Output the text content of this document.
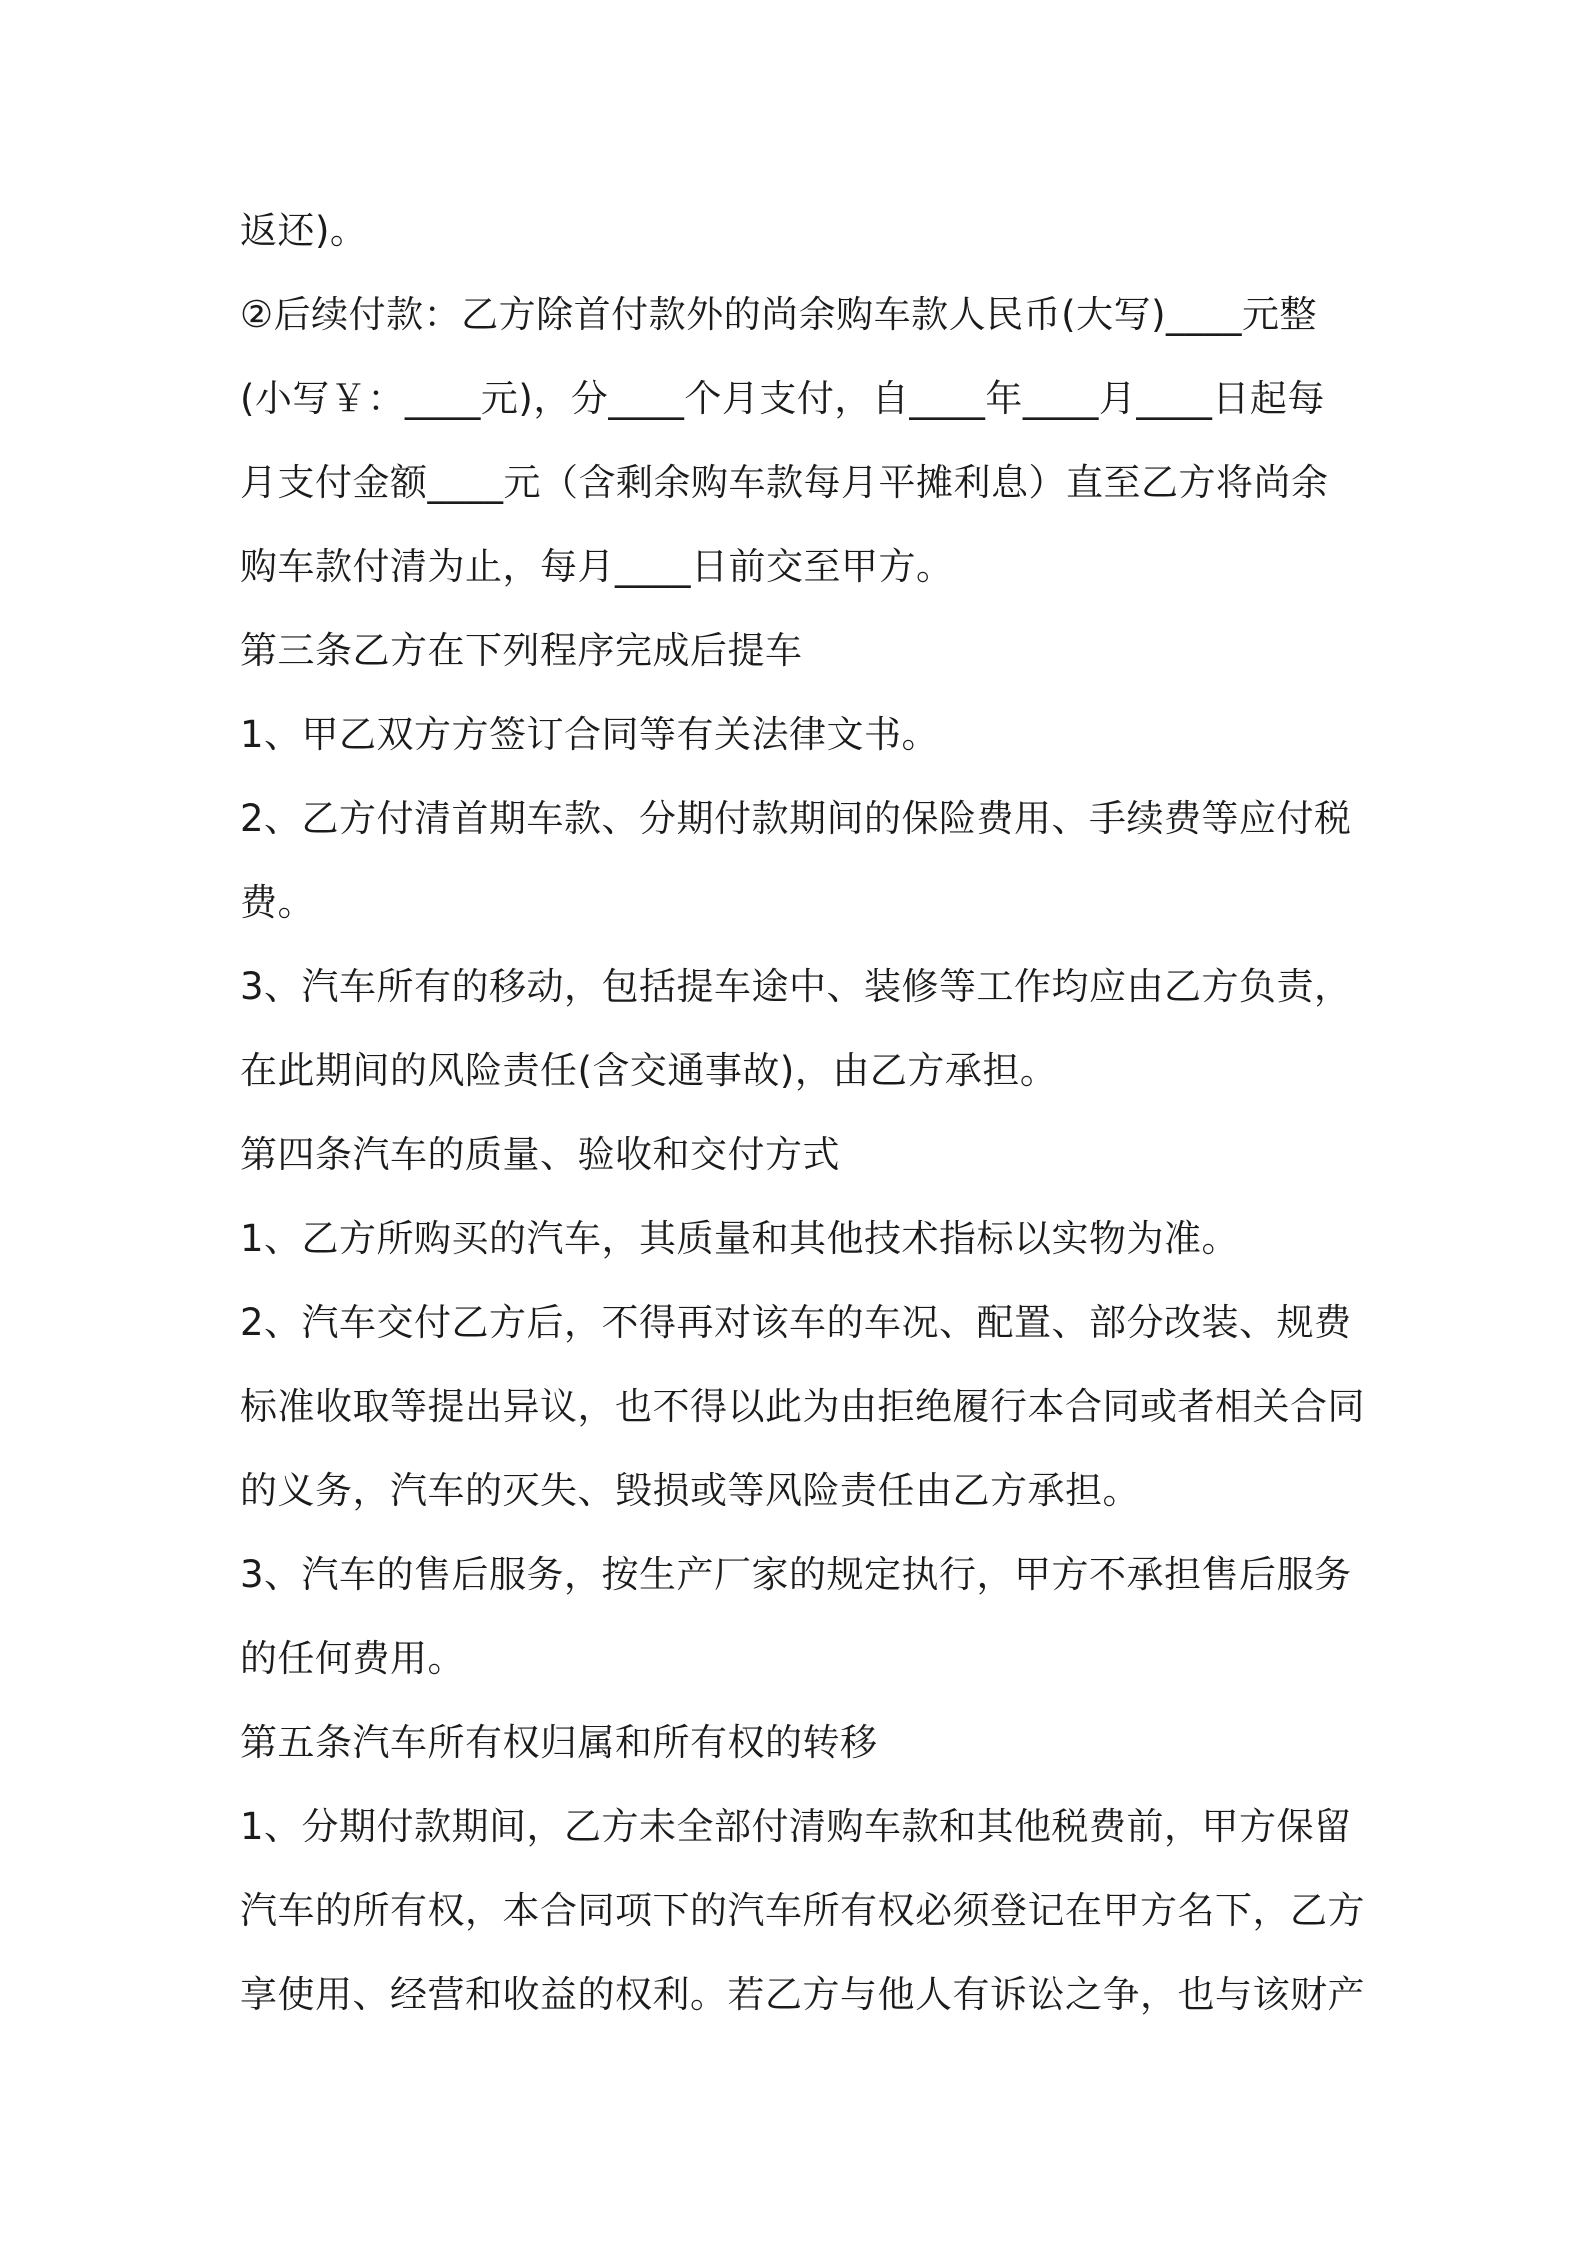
返还)。
②后续付款：乙方除首付款外的尚余购车款人民币(大写)____元整
(小写￥：____元)，分____个月支付，自____年____月____日起每
月支付金额____元（含剩余购车款每月平摊利息）直至乙方将尚余
购车款付清为止，每月____日前交至甲方。
第三条乙方在下列程序完成后提车
1、甲乙双方方签订合同等有关法律文书。
2、乙方付清首期车款、分期付款期间的保险费用、手续费等应付税
费。
3、汽车所有的移动，包括提车途中、装修等工作均应由乙方负责，
在此期间的风险责任(含交通事故)，由乙方承担。
第四条汽车的质量、验收和交付方式
1、乙方所购买的汽车，其质量和其他技术指标以实物为准。
2、汽车交付乙方后，不得再对该车的车况、配置、部分改装、规费
标准收取等提出异议，也不得以此为由拒绝履行本合同或者相关合同
的义务，汽车的灭失、毁损或等风险责任由乙方承担。
3、汽车的售后服务，按生产厂家的规定执行，甲方不承担售后服务
的任何费用。
第五条汽车所有权归属和所有权的转移
1、分期付款期间，乙方未全部付清购车款和其他税费前，甲方保留
汽车的所有权，本合同项下的汽车所有权必须登记在甲方名下，乙方
享使用、经营和收益的权利。若乙方与他人有诉讼之争，也与该财产
